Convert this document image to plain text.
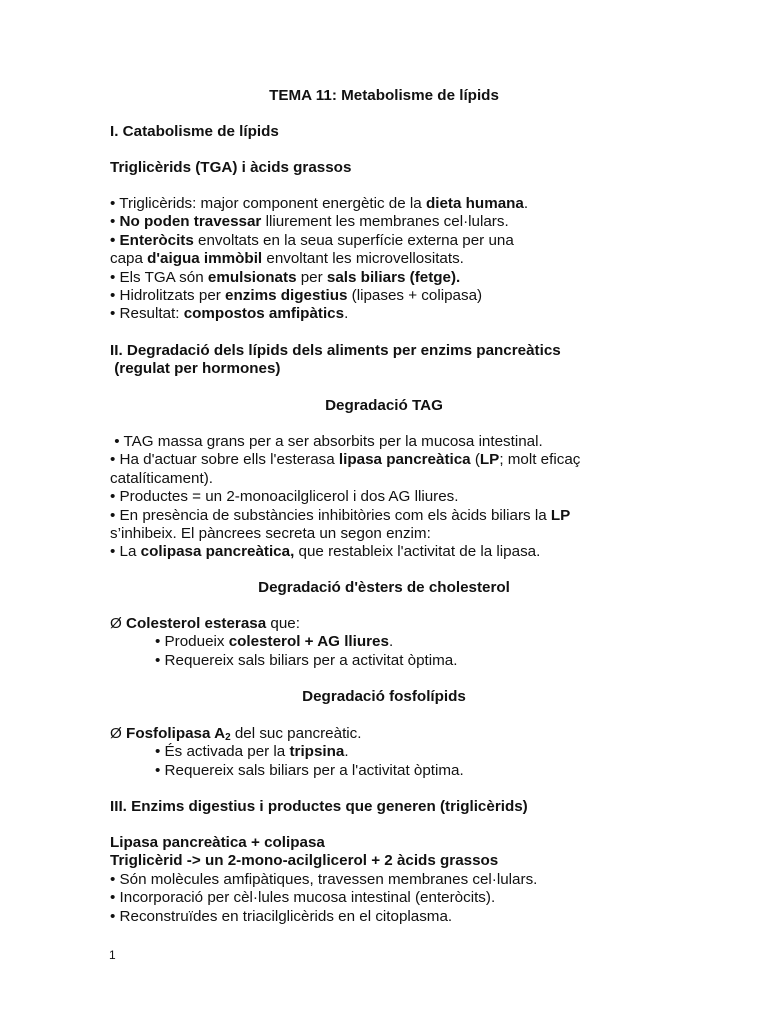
TEMA 11: Metabolisme de lípids
I. Catabolisme de lípids
Triglicèrids (TGA) i àcids grassos

• Triglicèrids: major component energètic de la dieta humana.

• No poden travessar lliurement les membranes cel·lulars.

• Enteròcits envoltats en la seua superfície externa per una

capa d'aigua immòbil envoltant les microvellositats.

• Els TGA són emulsionats per sals biliars (fetge).

• Hidrolitzats per enzims digestius (lipases + colipasa)

• Resultat: compostos amfipàtics.

II. Degradació dels lípids dels aliments per enzims pancreàtics

(regulat per hormones)

Degradació TAG

• TAG massa grans per a ser absorbits per la mucosa intestinal.

• Ha d'actuar sobre ells l'esterasa lipasa pancreàtica (LP; molt eficaç

catalíticament).

• Productes = un 2-monoacilglicerol i dos AG lliures.

• En presència de substàncies inhibitòries com els àcids biliars la LP

s’inhibeix. El pàncrees secreta un segon enzim:

• La colipasa pancreàtica, que restableix l'activitat de la lipasa.

Degradació d'èsters de cholesterol

Ø Colesterol esterasa que:

• Produeix colesterol + AG lliures.

• Requereix sals biliars per a activitat òptima.

Degradació fosfolípids

Ø Fosfolipasa $A_2$ del suc pancreàtic.

• És activada per la tripsina.

• Requereix sals biliars per a l'activitat òptima.

III. Enzims digestius i productes que generen (triglicèrids)

Lipasa pancreàtica + colipasa

Triglicèrid -> un 2-mono-acilglicerol + 2 àcids grassos

• Són molècules amfipàtiques, travessen membranes cel·lulars.

• Incorporació per cèl·lules mucosa intestinal (enteròcits).

• Reconstruïdes en triacilglicèrids en el citoplasma.

1
